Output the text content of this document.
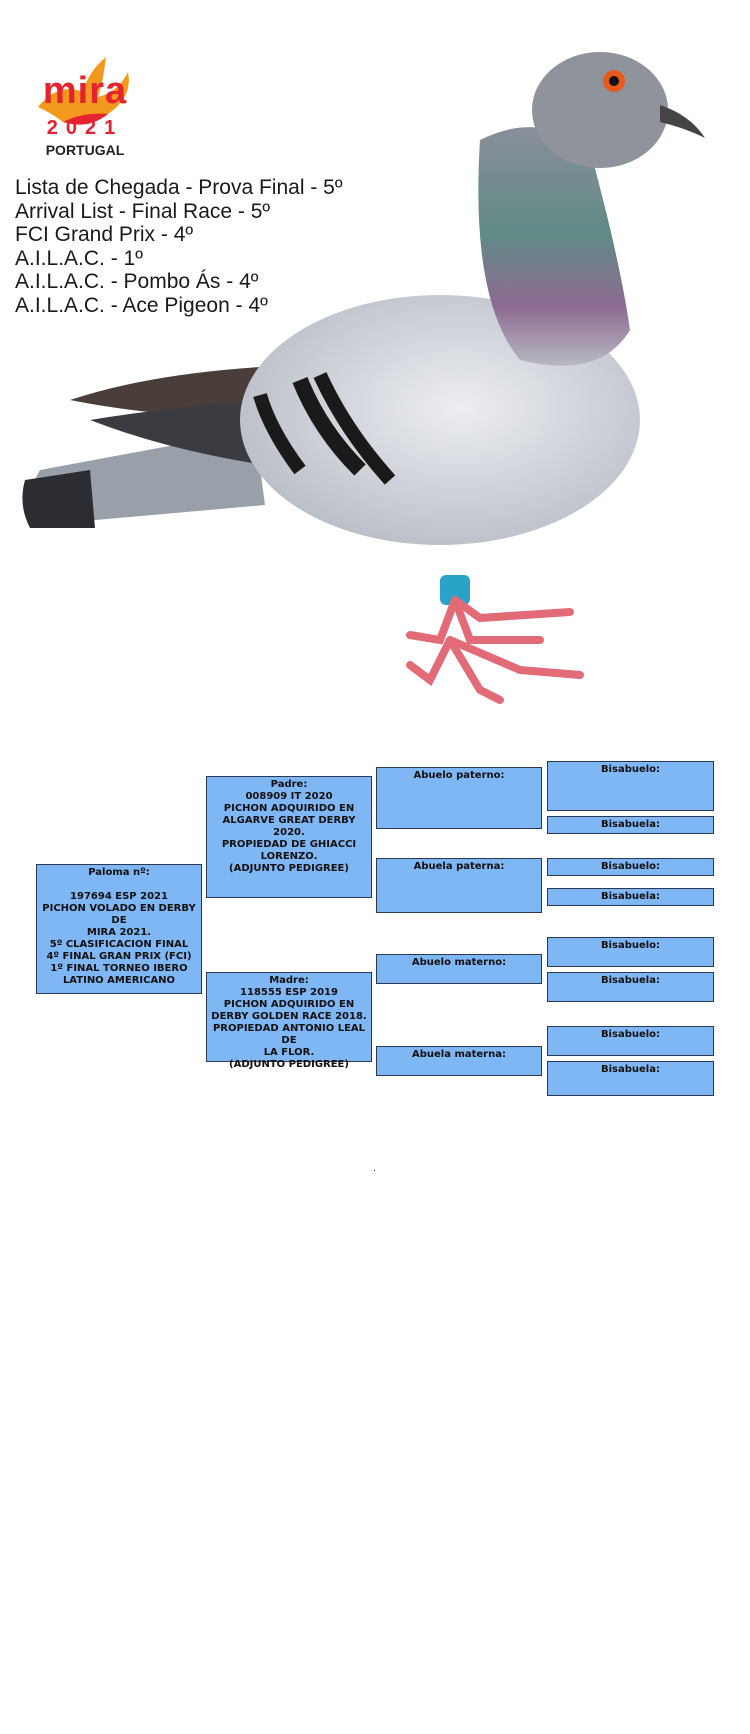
mira
2021
PORTUGAL
Lista de Chegada - Prova Final - 5º
Arrival List - Final Race - 5º
FCI Grand Prix - 4º
A.I.L.A.C. - 1º
A.I.L.A.C. - Pombo Ás - 4º
A.I.L.A.C. - Ace Pigeon - 4º
Paloma nº:
197694 ESP 2021
PICHON VOLADO EN DERBY DE
MIRA 2021.
5º CLASIFICACION FINAL
4º FINAL GRAN PRIX (FCI)
1º FINAL TORNEO IBERO
LATINO AMERICANO
Padre:
008909 IT 2020
PICHON ADQUIRIDO EN
ALGARVE GREAT DERBY 2020.
PROPIEDAD DE GHIACCI
LORENZO.
(ADJUNTO PEDIGREE)
Madre:
118555 ESP 2019
PICHON ADQUIRIDO EN
DERBY GOLDEN RACE 2018.
PROPIEDAD ANTONIO LEAL DE
LA FLOR.
(ADJUNTO PEDIGREE)
Abuelo paterno:
Abuela paterna:
Abuelo materno:
Abuela materna:
Bisabuelo:
Bisabuela:
Bisabuelo:
Bisabuela:
Bisabuelo:
Bisabuela:
Bisabuelo:
Bisabuela:
.
